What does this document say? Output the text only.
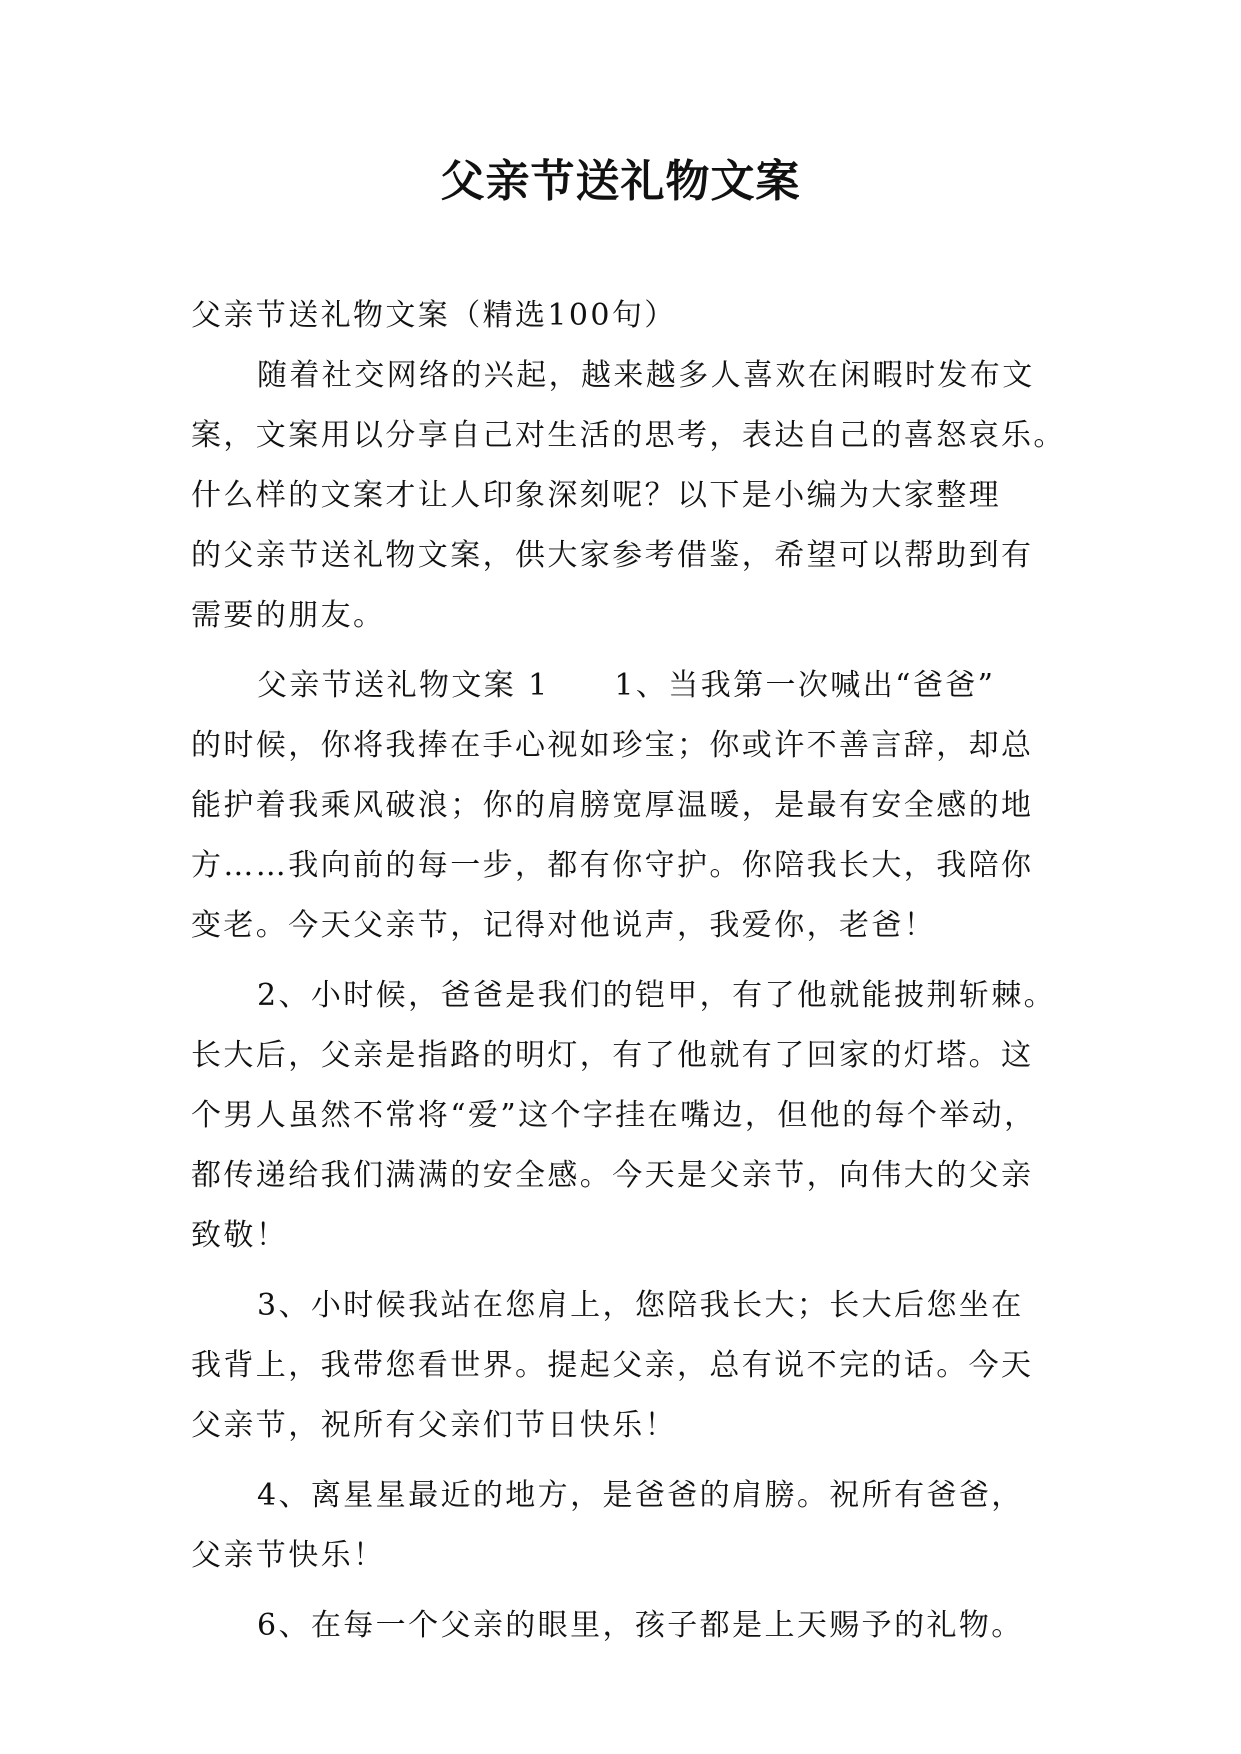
父亲节送礼物文案
父亲节送礼物文案（精选100句）
随着社交网络的兴起，越来越多人喜欢在闲暇时发布文
案，文案用以分享自己对生活的思考，表达自己的喜怒哀乐。
什么样的文案才让人印象深刻呢？以下是小编为大家整理
的父亲节送礼物文案，供大家参考借鉴，希望可以帮助到有
需要的朋友。
父亲节送礼物文案 1　　1、当我第一次喊出“爸爸”
的时候，你将我捧在手心视如珍宝；你或许不善言辞，却总
能护着我乘风破浪；你的肩膀宽厚温暖，是最有安全感的地
方……我向前的每一步，都有你守护。你陪我长大，我陪你
变老。今天父亲节，记得对他说声，我爱你，老爸！
2、小时候，爸爸是我们的铠甲，有了他就能披荆斩棘。
长大后，父亲是指路的明灯，有了他就有了回家的灯塔。这
个男人虽然不常将“爱”这个字挂在嘴边，但他的每个举动，
都传递给我们满满的安全感。今天是父亲节，向伟大的父亲
致敬！
3、小时候我站在您肩上，您陪我长大；长大后您坐在
我背上，我带您看世界。提起父亲，总有说不完的话。今天
父亲节，祝所有父亲们节日快乐！
4、离星星最近的地方，是爸爸的肩膀。祝所有爸爸，
父亲节快乐！
6、在每一个父亲的眼里，孩子都是上天赐予的礼物。
